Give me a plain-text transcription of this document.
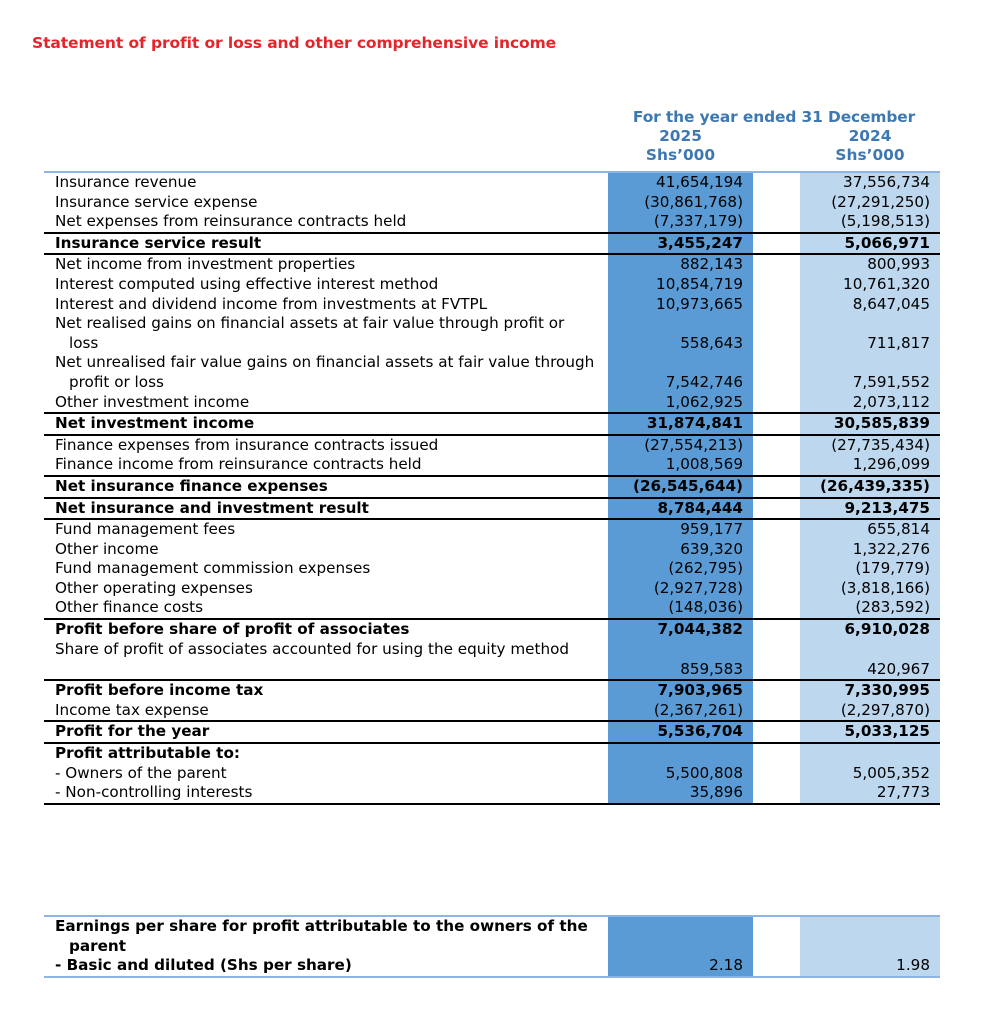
Statement of profit or loss and other comprehensive income
For the year ended 31 December
2025	2024
Shs’000	Shs’000
Insurance revenue	41,654,194		37,556,734
Insurance service expense	(30,861,768)		(27,291,250)
Net expenses from reinsurance contracts held	(7,337,179)		(5,198,513)
Insurance service result	3,455,247		5,066,971
Net income from investment properties	882,143		800,993
Interest computed using effective interest method	10,854,719		10,761,320
Interest and dividend income from investments at FVTPL	10,973,665		8,647,045

Net realised gains on financial assets at fair value through profit or
loss	558,643		711,817

Net unrealised fair value gains on financial assets at fair value through
profit or loss	7,542,746		7,591,552

Other investment income	1,062,925		2,073,112
Net investment income	31,874,841		30,585,839
Finance expenses from insurance contracts issued	(27,554,213)		(27,735,434)
Finance income from reinsurance contracts held	1,008,569		1,296,099
Net insurance finance expenses	(26,545,644)		(26,439,335)
Net insurance and investment result	8,784,444		9,213,475
Fund management fees	959,177		655,814
Other income	639,320		1,322,276
Fund management commission expenses	(262,795)		(179,779)
Other operating expenses	(2,927,728)		(3,818,166)
Other finance costs	(148,036)		(283,592)
Profit before share of profit of associates	7,044,382		6,910,028

Share of profit of associates accounted for using the equity method	859,583		420,967

Profit before income tax	7,903,965		7,330,995
Income tax expense	(2,367,261)		(2,297,870)
Profit for the year	5,536,704		5,033,125
Profit attributable to:			
- Owners of the parent	5,500,808		5,005,352
- Non-controlling interests	35,896		27,773
Earnings per share for profit attributable to the owners of the
parent			

- Basic and diluted (Shs per share)	2.18		1.98
